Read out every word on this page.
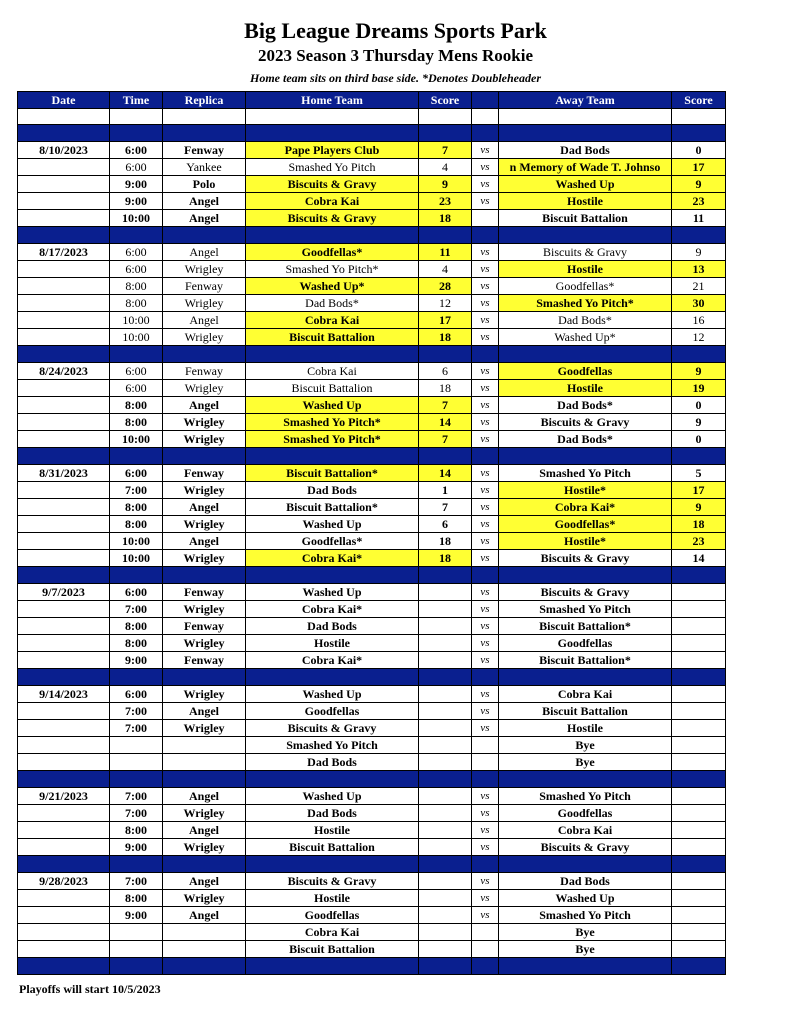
Big League Dreams Sports Park
2023 Season 3 Thursday Mens Rookie
Home team sits on third base side. *Denotes Doubleheader
Date	Time	Replica	Home Team	Score		Away Team	Score

8/10/2023	6:00	Fenway	Pape Players Club	7	vs	Dad Bods	0
	6:00	Yankee	Smashed Yo Pitch	4	vs	n Memory of Wade T. Johnso	17
	9:00	Polo	Biscuits & Gravy	9	vs	Washed Up	9
	9:00	Angel	Cobra Kai	23	vs	Hostile	23
	10:00	Angel	Biscuits & Gravy	18		Biscuit Battalion	11

8/17/2023	6:00	Angel	Goodfellas*	11	vs	Biscuits & Gravy	9
	6:00	Wrigley	Smashed Yo Pitch*	4	vs	Hostile	13
	8:00	Fenway	Washed Up*	28	vs	Goodfellas*	21
	8:00	Wrigley	Dad Bods*	12	vs	Smashed Yo Pitch*	30
	10:00	Angel	Cobra Kai	17	vs	Dad Bods*	16
	10:00	Wrigley	Biscuit Battalion	18	vs	Washed Up*	12

8/24/2023	6:00	Fenway	Cobra Kai	6	vs	Goodfellas	9
	6:00	Wrigley	Biscuit Battalion	18	vs	Hostile	19
	8:00	Angel	Washed Up	7	vs	Dad Bods*	0
	8:00	Wrigley	Smashed Yo Pitch*	14	vs	Biscuits & Gravy	9
	10:00	Wrigley	Smashed Yo Pitch*	7	vs	Dad Bods*	0

8/31/2023	6:00	Fenway	Biscuit Battalion*	14	vs	Smashed Yo Pitch	5
	7:00	Wrigley	Dad Bods	1	vs	Hostile*	17
	8:00	Angel	Biscuit Battalion*	7	vs	Cobra Kai*	9
	8:00	Wrigley	Washed Up	6	vs	Goodfellas*	18
	10:00	Angel	Goodfellas*	18	vs	Hostile*	23
	10:00	Wrigley	Cobra Kai*	18	vs	Biscuits & Gravy	14

9/7/2023	6:00	Fenway	Washed Up		vs	Biscuits & Gravy	
	7:00	Wrigley	Cobra Kai*		vs	Smashed Yo Pitch	
	8:00	Fenway	Dad Bods		vs	Biscuit Battalion*	
	8:00	Wrigley	Hostile		vs	Goodfellas	
	9:00	Fenway	Cobra Kai*		vs	Biscuit Battalion*	

9/14/2023	6:00	Wrigley	Washed Up		vs	Cobra Kai	
	7:00	Angel	Goodfellas		vs	Biscuit Battalion	
	7:00	Wrigley	Biscuits & Gravy		vs	Hostile	
			Smashed Yo Pitch			Bye	
			Dad Bods			Bye	

9/21/2023	7:00	Angel	Washed Up		vs	Smashed Yo Pitch	
	7:00	Wrigley	Dad Bods		vs	Goodfellas	
	8:00	Angel	Hostile		vs	Cobra Kai	
	9:00	Wrigley	Biscuit Battalion		vs	Biscuits & Gravy	

9/28/2023	7:00	Angel	Biscuits & Gravy		vs	Dad Bods	
	8:00	Wrigley	Hostile		vs	Washed Up	
	9:00	Angel	Goodfellas		vs	Smashed Yo Pitch	
			Cobra Kai			Bye	
			Biscuit Battalion			Bye	

Playoffs will start 10/5/2023
